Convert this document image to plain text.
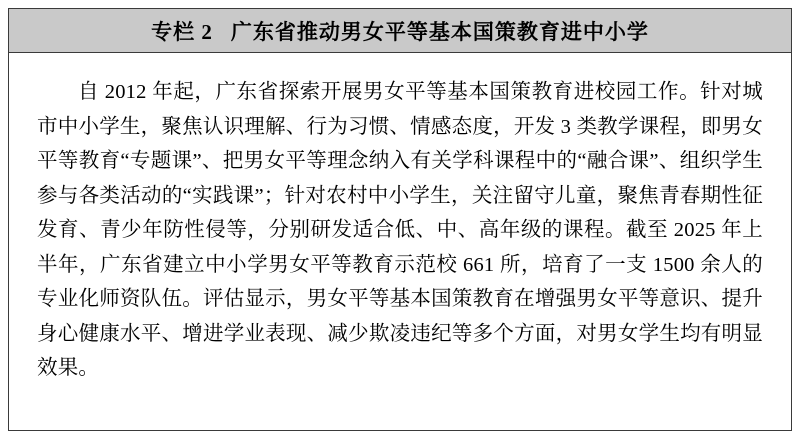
专栏 2 广东省推动男女平等基本国策教育进中小学

自 2012 年起，广东省探索开展男女平等基本国策教育进校园工作。针对城市中小学生，聚焦认识理解、行为习惯、情感态度，开发 3 类教学课程，即男女平等教育“专题课”、把男女平等理念纳入有关学科课程中的“融合课”、组织学生参与各类活动的“实践课”；针对农村中小学生，关注留守儿童，聚焦青春期性征发育、青少年防性侵等，分别研发适合低、中、高年级的课程。截至 2025 年上半年，广东省建立中小学男女平等教育示范校 661 所，培育了一支 1500 余人的专业化师资队伍。评估显示，男女平等基本国策教育在增强男女平等意识、提升身心健康水平、增进学业表现、减少欺凌违纪等多个方面，对男女学生均有明显效果。
